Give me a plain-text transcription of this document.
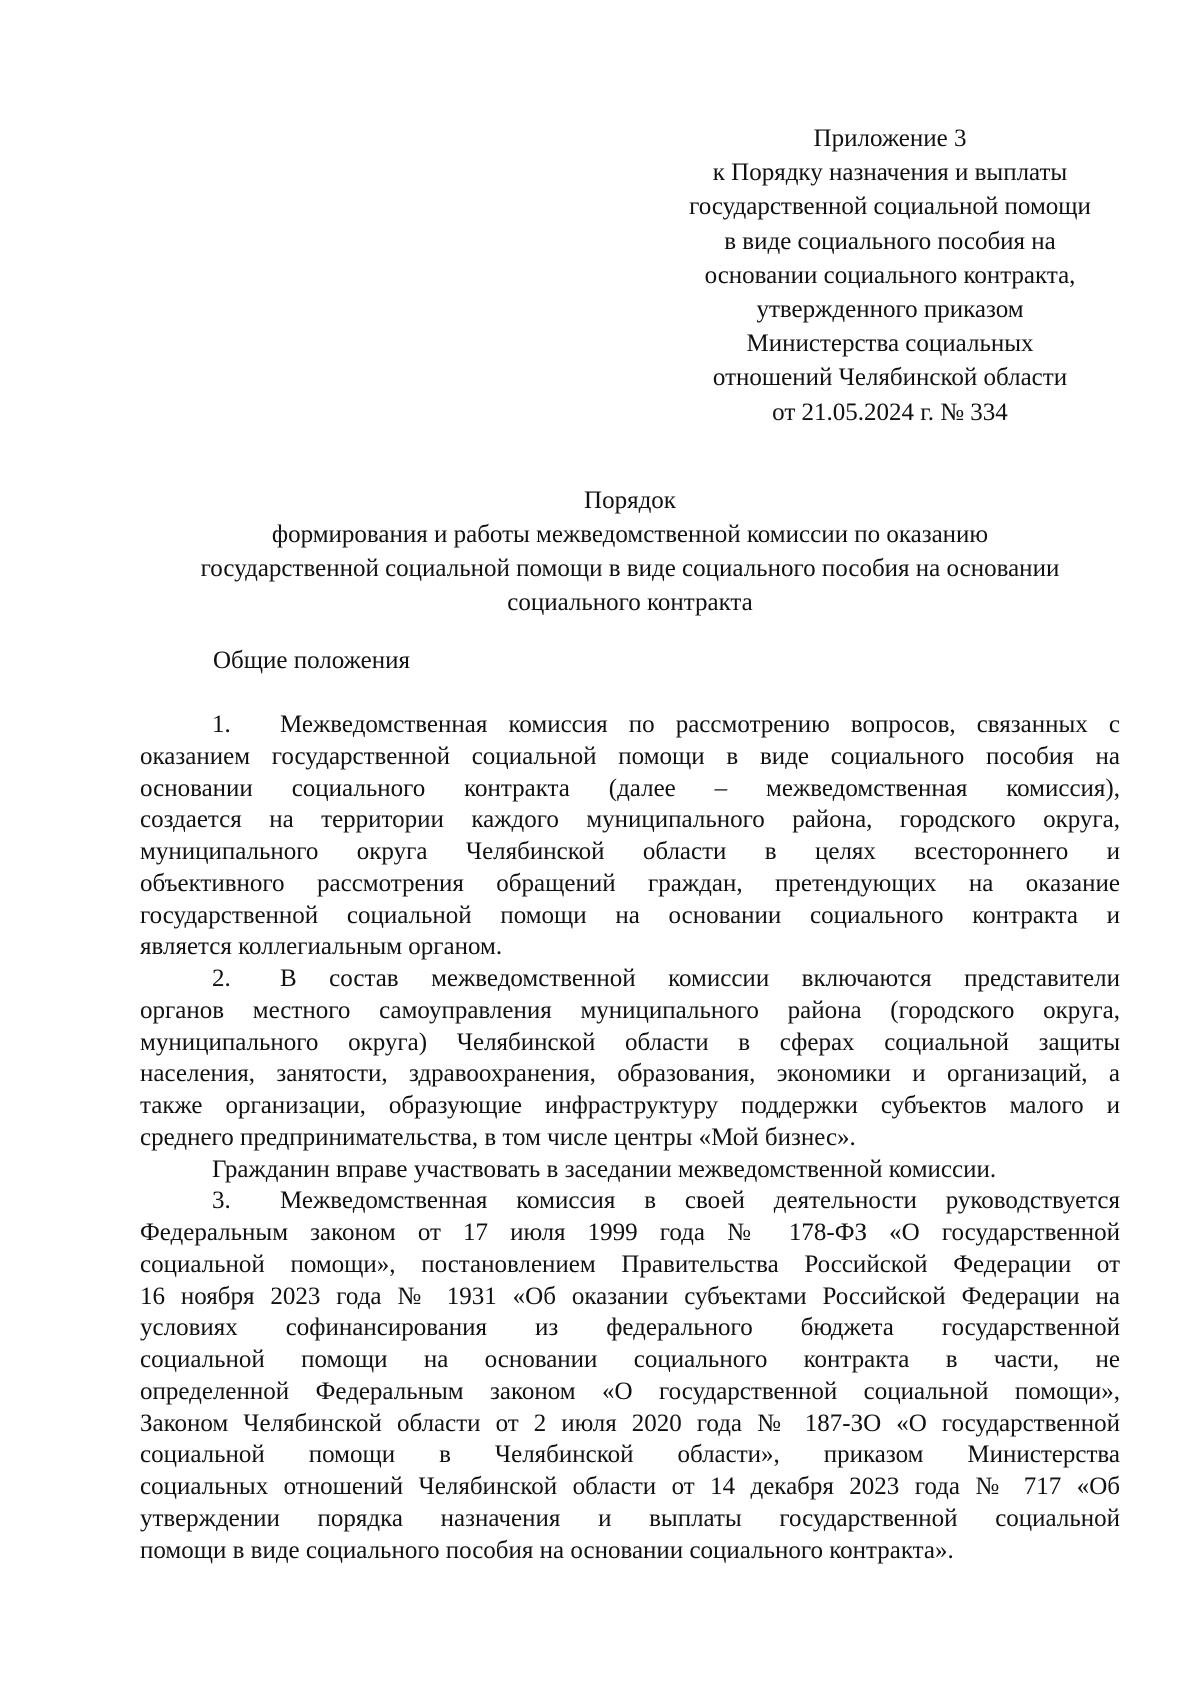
Приложение 3
к Порядку назначения и выплаты
государственной социальной помощи
в виде социального пособия на
основании социального контракта,
утвержденного приказом
Министерства социальных
отношений Челябинской области
от 21.05.2024 г. № 334
Порядок
формирования и работы межведомственной комиссии по оказанию
государственной социальной помощи в виде социального пособия на основании
социального контракта
Общие положения
1. Межведомственная комиссия по рассмотрению вопросов, связанных с
оказанием государственной социальной помощи в виде социального пособия на
основании социального контракта (далее – межведомственная комиссия),
создается на территории каждого муниципального района, городского округа,
муниципального округа Челябинской области в целях всестороннего и
объективного рассмотрения обращений граждан, претендующих на оказание
государственной социальной помощи на основании социального контракта и
является коллегиальным органом.
2. В состав межведомственной комиссии включаются представители
органов местного самоуправления муниципального района (городского округа,
муниципального округа) Челябинской области в сферах социальной защиты
населения, занятости, здравоохранения, образования, экономики и организаций, а
также организации, образующие инфраструктуру поддержки субъектов малого и
среднего предпринимательства, в том числе центры «Мой бизнес».
Гражданин вправе участвовать в заседании межведомственной комиссии.
3. Межведомственная комиссия в своей деятельности руководствуется
Федеральным законом от 17 июля 1999 года № 178-ФЗ «О государственной
социальной помощи», постановлением Правительства Российской Федерации от
16 ноября 2023 года № 1931 «Об оказании субъектами Российской Федерации на
условиях софинансирования из федерального бюджета государственной
социальной помощи на основании социального контракта в части, не
определенной Федеральным законом «О государственной социальной помощи»,
Законом Челябинской области от 2 июля 2020 года № 187-ЗО «О государственной
социальной помощи в Челябинской области», приказом Министерства
социальных отношений Челябинской области от 14 декабря 2023 года № 717 «Об
утверждении порядка назначения и выплаты государственной социальной
помощи в виде социального пособия на основании социального контракта».
